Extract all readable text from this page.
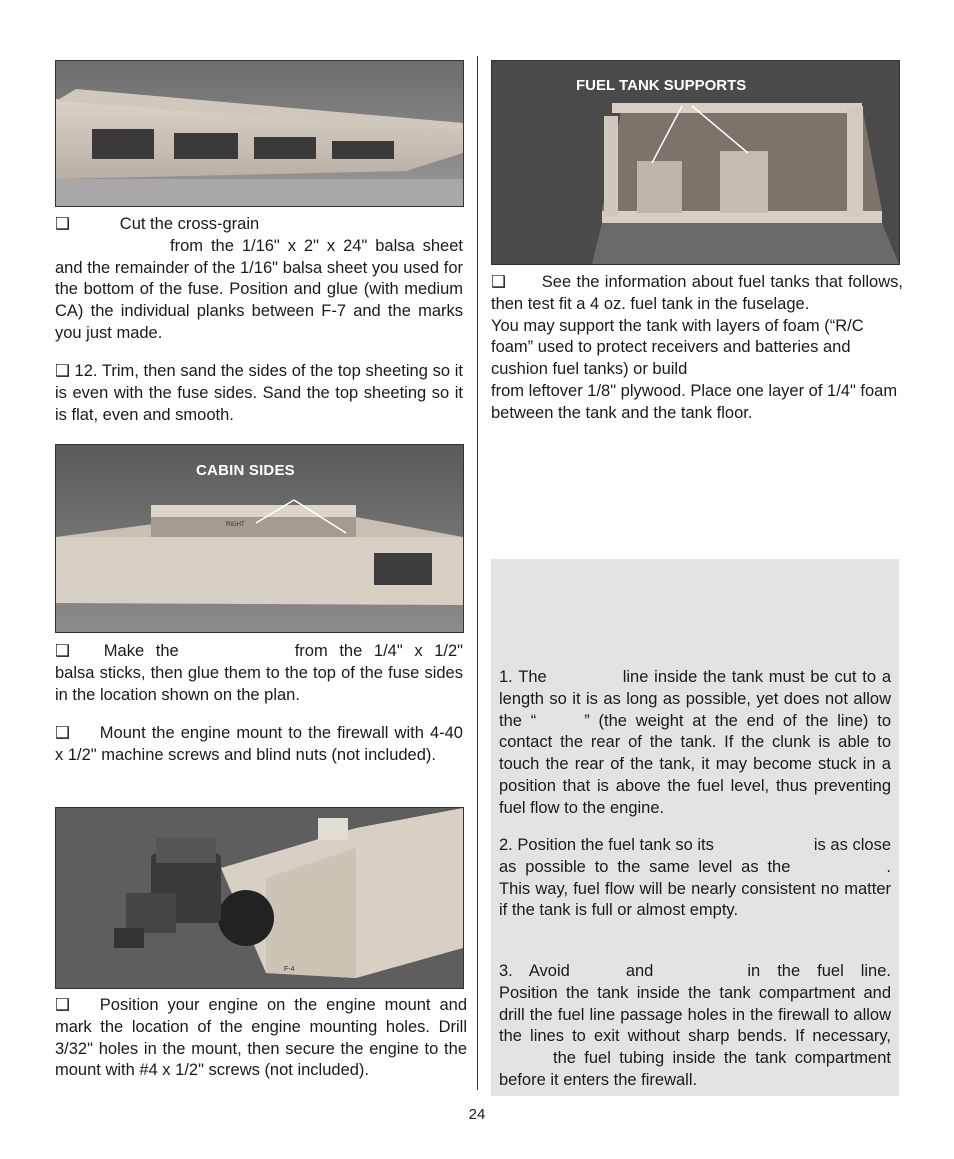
❑	Cut the cross-grain
from the 1/16" x 2" x 24" balsa sheet and the remainder of the 1/16" balsa sheet you used for the bottom of the fuse. Position and glue (with medium CA) the individual planks between F-7 and the marks you just made.

❑ 12. Trim, then sand the sides of the top sheeting so it is even with the fuse sides. Sand the top sheeting so it is flat, even and smooth.

RIGHT
CABIN SIDES

❑ Make the	from the 1/4" x 1/2" balsa sticks, then glue them to the top of the fuse sides in the location shown on the plan.

❑ Mount the engine mount to the firewall with 4-40 x 1/2" machine screws and blind nuts (not included).

F-4

❑ Position your engine on the engine mount and mark the location of the engine mounting holes. Drill 3/32" holes in the mount, then secure the engine to the mount with #4 x 1/2" screws (not included).

FUEL TANK SUPPORTS

❑ See the information about fuel tanks that follows, then test fit a 4 oz. fuel tank in the fuselage.

You may support the tank with layers of foam (“R/C foam” used to protect receivers and batteries and cushion fuel tanks) or build

from leftover 1/8" plywood. Place one layer of 1/4" foam between the tank and the tank floor.

1. The	line inside the tank must be cut to a length so it is as long as possible, yet does not allow the “	” (the weight at the end of the line) to contact the rear of the tank. If the clunk is able to touch the rear of the tank, it may become stuck in a position that is above the fuel level, thus preventing fuel flow to the engine.

2. Position the fuel tank so its	is as close as possible to the same level as the	. This way, fuel flow will be nearly consistent no matter if the tank is full or almost empty.

3. Avoid	and	in the fuel line. Position the tank inside the tank compartment and drill the fuel line passage holes in the firewall to allow the lines to exit without sharp bends. If necessary,the fuel tubing inside the tank compartment before it enters the firewall.

24
